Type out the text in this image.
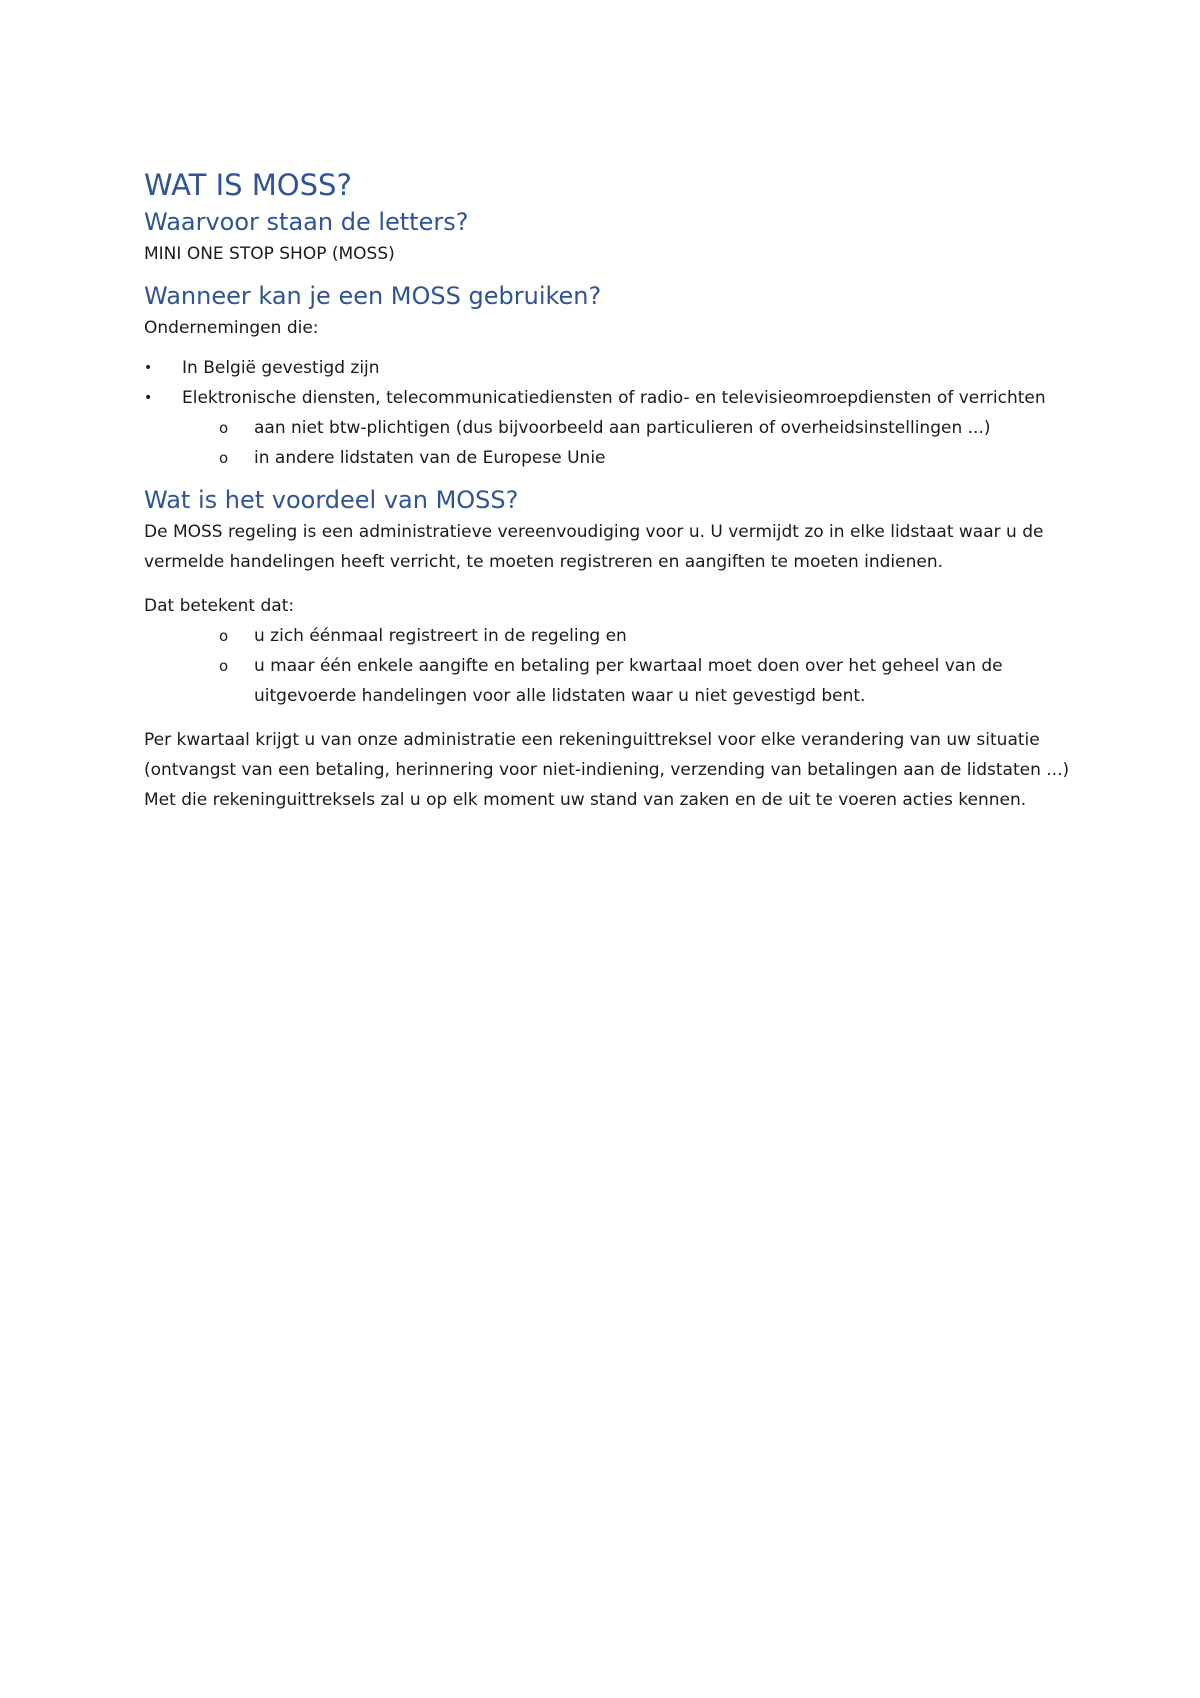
WAT IS MOSS?
Waarvoor staan de letters?

MINI ONE STOP SHOP (MOSS)

Wanneer kan je een MOSS gebruiken?

Ondernemingen die:

• In België gevestigd zijn
• Elektronische diensten, telecommunicatiediensten of radio- en televisieomroepdiensten of verrichten
o aan niet btw-plichtigen (dus bijvoorbeeld aan particulieren of overheidsinstellingen ...)
o in andere lidstaten van de Europese Unie
Wat is het voordeel van MOSS?

De MOSS regeling is een administratieve vereenvoudiging voor u. U vermijdt zo in elke lidstaat waar u de vermelde handelingen heeft verricht, te moeten registreren en aangiften te moeten indienen.

Dat betekent dat:

o u zich éénmaal registreert in de regeling en
o u maar één enkele aangifte en betaling per kwartaal moet doen over het geheel van de uitgevoerde handelingen voor alle lidstaten waar u niet gevestigd bent.

Per kwartaal krijgt u van onze administratie een rekeninguittreksel voor elke verandering van uw situatie (ontvangst van een betaling, herinnering voor niet-indiening, verzending van betalingen aan de lidstaten ...) Met die rekeninguittreksels zal u op elk moment uw stand van zaken en de uit te voeren acties kennen.
